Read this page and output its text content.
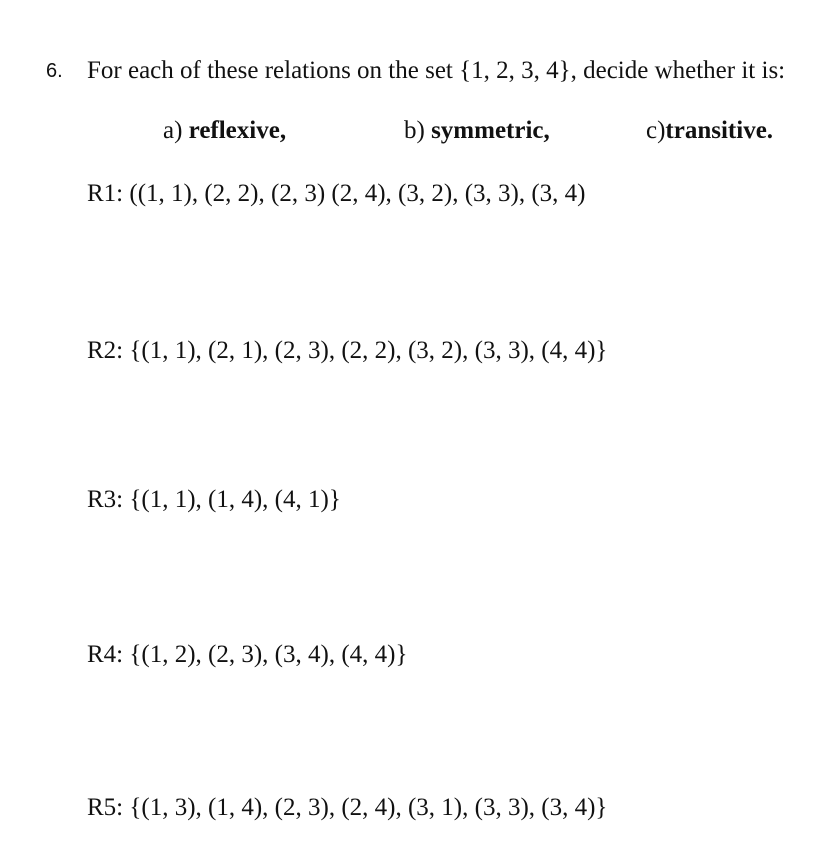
6. For each of these relations on the set {1, 2, 3, 4}, decide whether it is:
a) reflexive,	b) symmetric,	c)transitive.
R1: ((1, 1), (2, 2), (2, 3) (2, 4), (3, 2), (3, 3), (3, 4)
R2: {(1, 1), (2, 1), (2, 3), (2, 2), (3, 2), (3, 3), (4, 4)}
R3: {(1, 1), (1, 4), (4, 1)}
R4: {(1, 2), (2, 3), (3, 4), (4, 4)}
R5: {(1, 3), (1, 4), (2, 3), (2, 4), (3, 1), (3, 3), (3, 4)}
